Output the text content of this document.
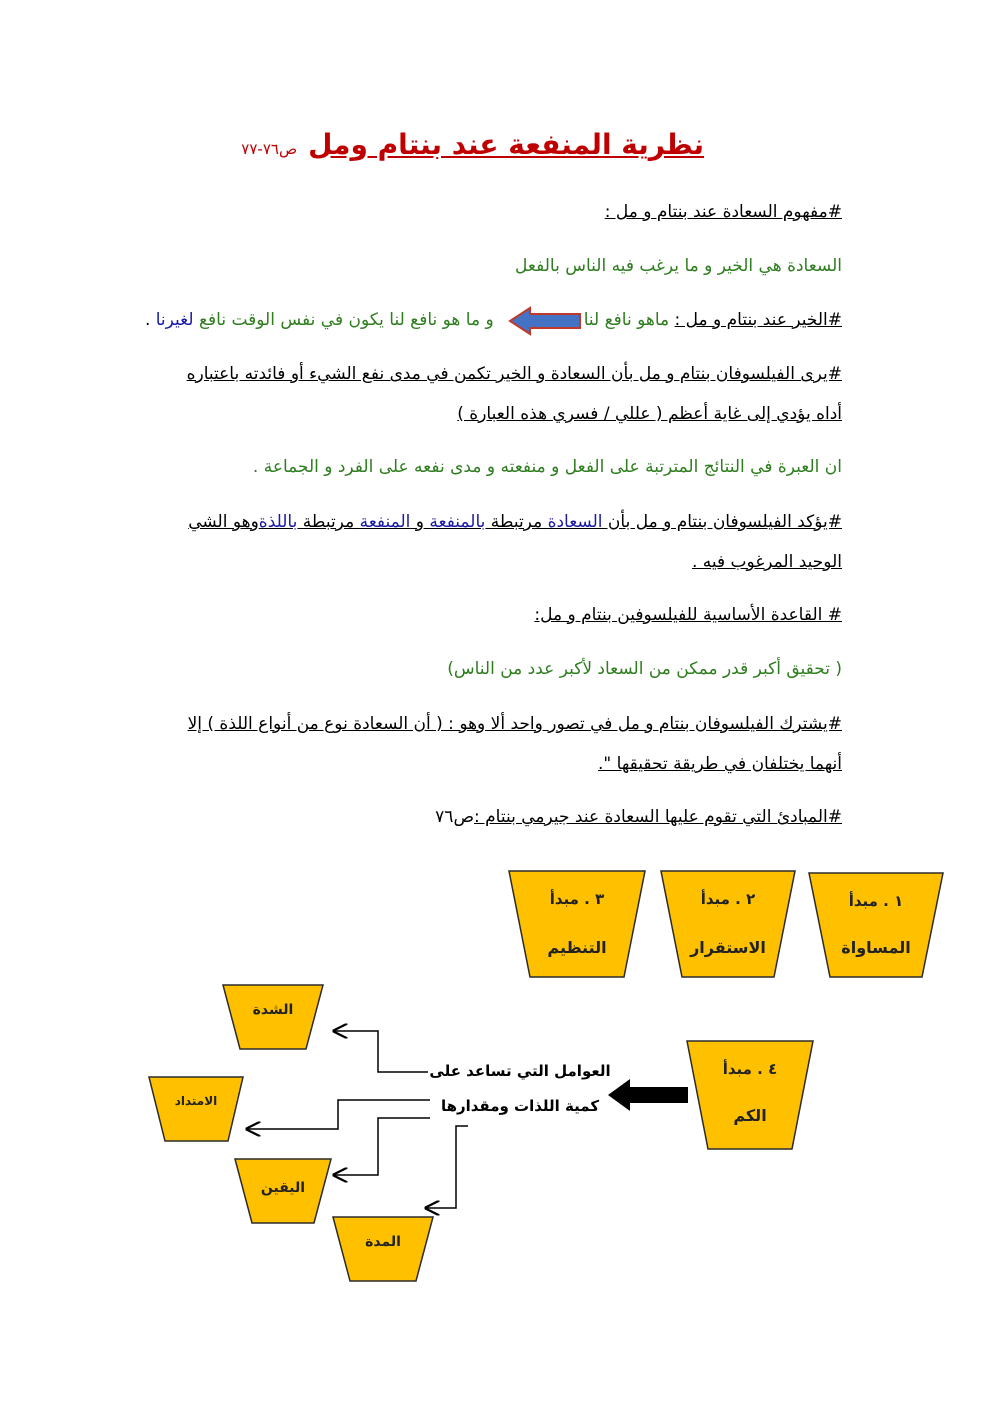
نظرية المنفعة عند بنتام ومل ص٧٦-٧٧
#مفهوم السعادة عند بنتام و مل :
السعادة هي الخير و ما يرغب فيه الناس بالفعل
#الخير عند بنتام و مل : ماهو نافع لناو ما هو نافع لنا يكون في نفس الوقت نافع لغيرنا .
#يرى الفيلسوفان بنتام و مل بأن السعادة و الخير تكمن في مدى نفع الشيء أو فائدته باعتباره
أداه يؤدي إلى غاية أعظم ( عللي / فسري هذه العبارة )
ان العبرة في النتائج المترتبة على الفعل و منفعته و مدى نفعه على الفرد و الجماعة .
#يؤكد الفيلسوفان بنتام و مل بأن السعادة مرتبطة بالمنفعة و المنفعة مرتبطة باللذةوهو الشي
الوحيد المرغوب فيه .
# القاعدة الأساسية للفيلسوفين بنتام و مل:
( تحقيق أكبر قدر ممكن من السعاد لأكبر عدد من الناس)
#يشترك الفيلسوفان بنتام و مل في تصور واحد ألا وهو : ( أن السعادة نوع من أنواع اللذة ) إلا
أنهما يختلفان في طريقة تحقيقها ".
#المبادئ التي تقوم عليها السعادة عند جيرمي بنتام :ص٧٦
١ . مبدأ
المساواة
٢ . مبدأ
الاستقرار
٣ . مبدأ
التنظيم
٤ . مبدأ
الكم
العوامل التي تساعد على
كمية اللذات ومقدارها
الشدة
الامتداد
اليقين
المدة
